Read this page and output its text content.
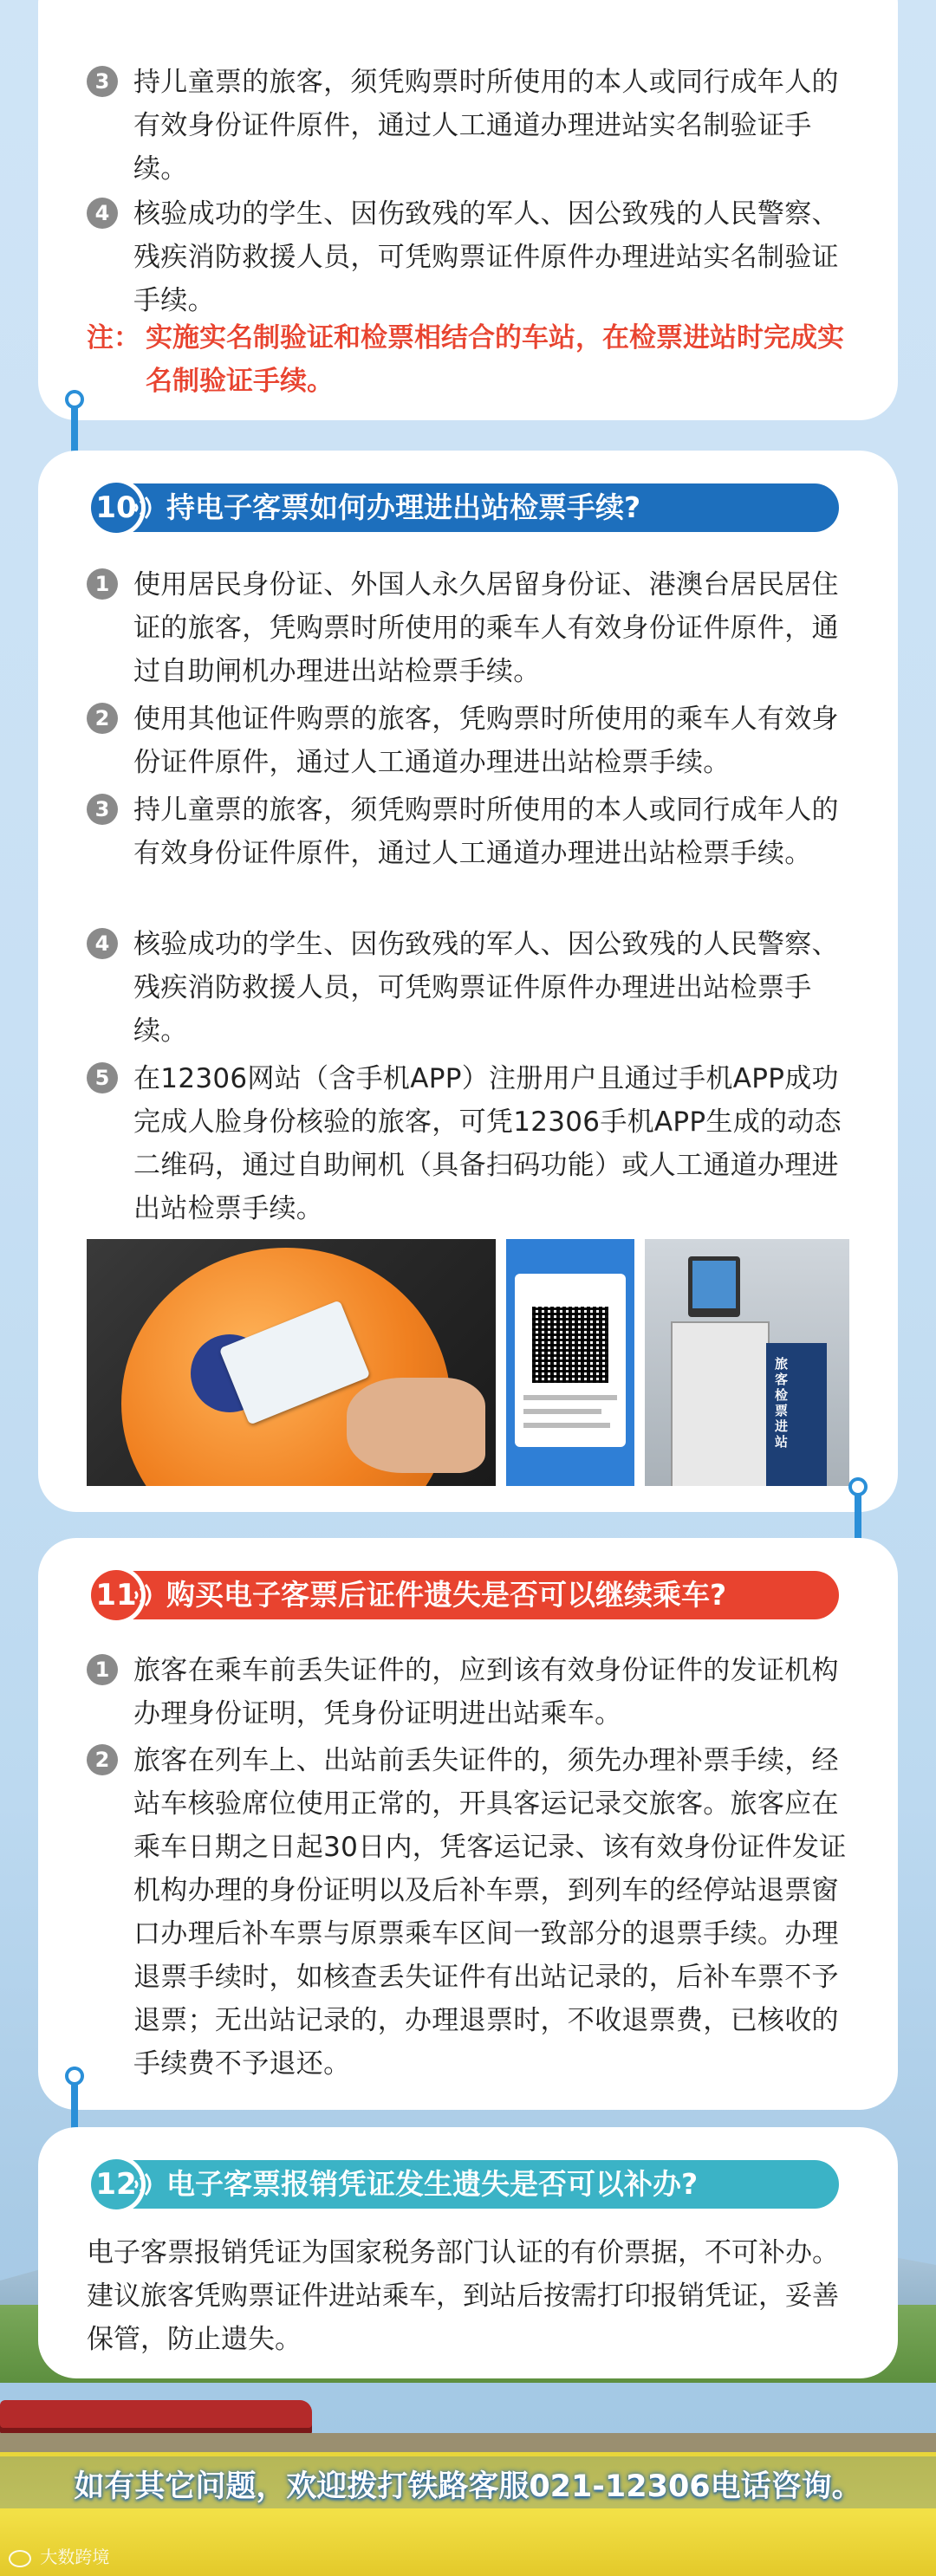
3 持儿童票的旅客，须凭购票时所使用的本人或同行成年人的有效身份证件原件，通过人工通道办理进站实名制验证手续。
4 核验成功的学生、因伤致残的军人、因公致残的人民警察、残疾消防救援人员，可凭购票证件原件办理进站实名制验证手续。
注： 实施实名制验证和检票相结合的车站，在检票进站时完成实名制验证手续。
10 持电子客票如何办理进出站检票手续?
1 使用居民身份证、外国人永久居留身份证、港澳台居民居住证的旅客，凭购票时所使用的乘车人有效身份证件原件，通过自助闸机办理进出站检票手续。
2 使用其他证件购票的旅客，凭购票时所使用的乘车人有效身份证件原件，通过人工通道办理进出站检票手续。
3 持儿童票的旅客，须凭购票时所使用的本人或同行成年人的有效身份证件原件，通过人工通道办理进出站检票手续。
4 核验成功的学生、因伤致残的军人、因公致残的人民警察、残疾消防救援人员，可凭购票证件原件办理进出站检票手续。
5 在12306网站（含手机APP）注册用户且通过手机APP成功完成人脸身份核验的旅客，可凭12306手机APP生成的动态二维码，通过自助闸机（具备扫码功能）或人工通道办理进出站检票手续。
旅客检票进站
11 购买电子客票后证件遗失是否可以继续乘车?
1 旅客在乘车前丢失证件的，应到该有效身份证件的发证机构办理身份证明，凭身份证明进出站乘车。
2 旅客在列车上、出站前丢失证件的，须先办理补票手续，经站车核验席位使用正常的，开具客运记录交旅客。旅客应在乘车日期之日起30日内，凭客运记录、该有效身份证件发证机构办理的身份证明以及后补车票，到列车的经停站退票窗口办理后补车票与原票乘车区间一致部分的退票手续。办理退票手续时，如核查丢失证件有出站记录的，后补车票不予退票；无出站记录的，办理退票时，不收退票费，已核收的手续费不予退还。
12 电子客票报销凭证发生遗失是否可以补办?
电子客票报销凭证为国家税务部门认证的有价票据，不可补办。建议旅客凭购票证件进站乘车，到站后按需打印报销凭证，妥善保管，防止遗失。
如有其它问题，欢迎拨打铁路客服021-12306电话咨询。
大数跨境
